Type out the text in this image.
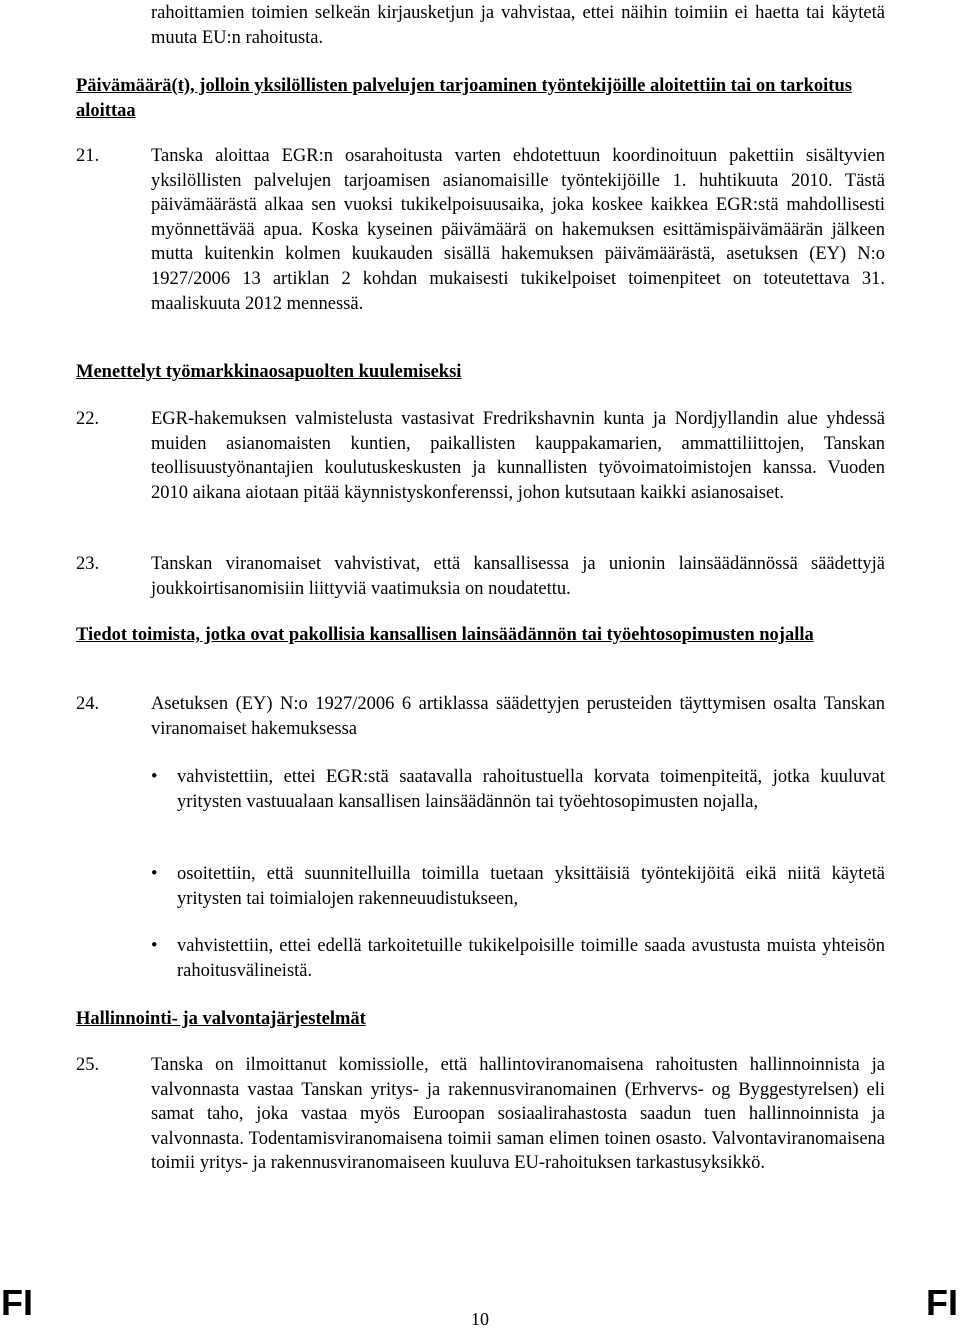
rahoittamien toimien selkeän kirjausketjun ja vahvistaa, ettei näihin toimiin ei haetta tai käytetä muuta EU:n rahoitusta.
Päivämäärä(t), jolloin yksilöllisten palvelujen tarjoaminen työntekijöille aloitettiin tai on tarkoitus aloittaa
21.	Tanska aloittaa EGR:n osarahoitusta varten ehdotettuun koordinoituun pakettiin sisältyvien yksilöllisten palvelujen tarjoamisen asianomaisille työntekijöille 1. huhtikuuta 2010. Tästä päivämäärästä alkaa sen vuoksi tukikelpoisuusaika, joka koskee kaikkea EGR:stä mahdollisesti myönnettävää apua. Koska kyseinen päivämäärä on hakemuksen esittämispäivämäärän jälkeen mutta kuitenkin kolmen kuukauden sisällä hakemuksen päivämäärästä, asetuksen (EY) N:o 1927/2006 13 artiklan 2 kohdan mukaisesti tukikelpoiset toimenpiteet on toteutettava 31. maaliskuuta 2012 mennessä.
Menettelyt työmarkkinaosapuolten kuulemiseksi
22.	EGR-hakemuksen valmistelusta vastasivat Fredrikshavnin kunta ja Nordjyllandin alue yhdessä muiden asianomaisten kuntien, paikallisten kauppakamarien, ammattiliittojen, Tanskan teollisuustyönantajien koulutuskeskusten ja kunnallisten työvoimatoimistojen kanssa. Vuoden 2010 aikana aiotaan pitää käynnistyskonferenssi, johon kutsutaan kaikki asianosaiset.
23.	Tanskan viranomaiset vahvistivat, että kansallisessa ja unionin lainsäädännössä säädettyjä joukkoirtisanomisiin liittyviä vaatimuksia on noudatettu.
Tiedot toimista, jotka ovat pakollisia kansallisen lainsäädännön tai työehtosopimusten nojalla
24.	Asetuksen (EY) N:o 1927/2006 6 artiklassa säädettyjen perusteiden täyttymisen osalta Tanskan viranomaiset hakemuksessa
•	vahvistettiin, ettei EGR:stä saatavalla rahoitustuella korvata toimenpiteitä, jotka kuuluvat yritysten vastuualaan kansallisen lainsäädännön tai työehtosopimusten nojalla,
•	osoitettiin, että suunnitelluilla toimilla tuetaan yksittäisiä työntekijöitä eikä niitä käytetä yritysten tai toimialojen rakenneuudistukseen,
•	vahvistettiin, ettei edellä tarkoitetuille tukikelpoisille toimille saada avustusta muista yhteisön rahoitusvälineistä.
Hallinnointi- ja valvontajärjestelmät
25.	Tanska on ilmoittanut komissiolle, että hallintoviranomaisena rahoitusten hallinnoinnista ja valvonnasta vastaa Tanskan yritys- ja rakennusviranomainen (Erhvervs- og Byggestyrelsen) eli samat taho, joka vastaa myös Euroopan sosiaalirahastosta saadun tuen hallinnoinnista ja valvonnasta. Todentamisviranomaisena toimii saman elimen toinen osasto. Valvontaviranomaisena toimii yritys- ja rakennusviranomaiseen kuuluva EU-rahoituksen tarkastusyksikkö.
FI	10	FI
